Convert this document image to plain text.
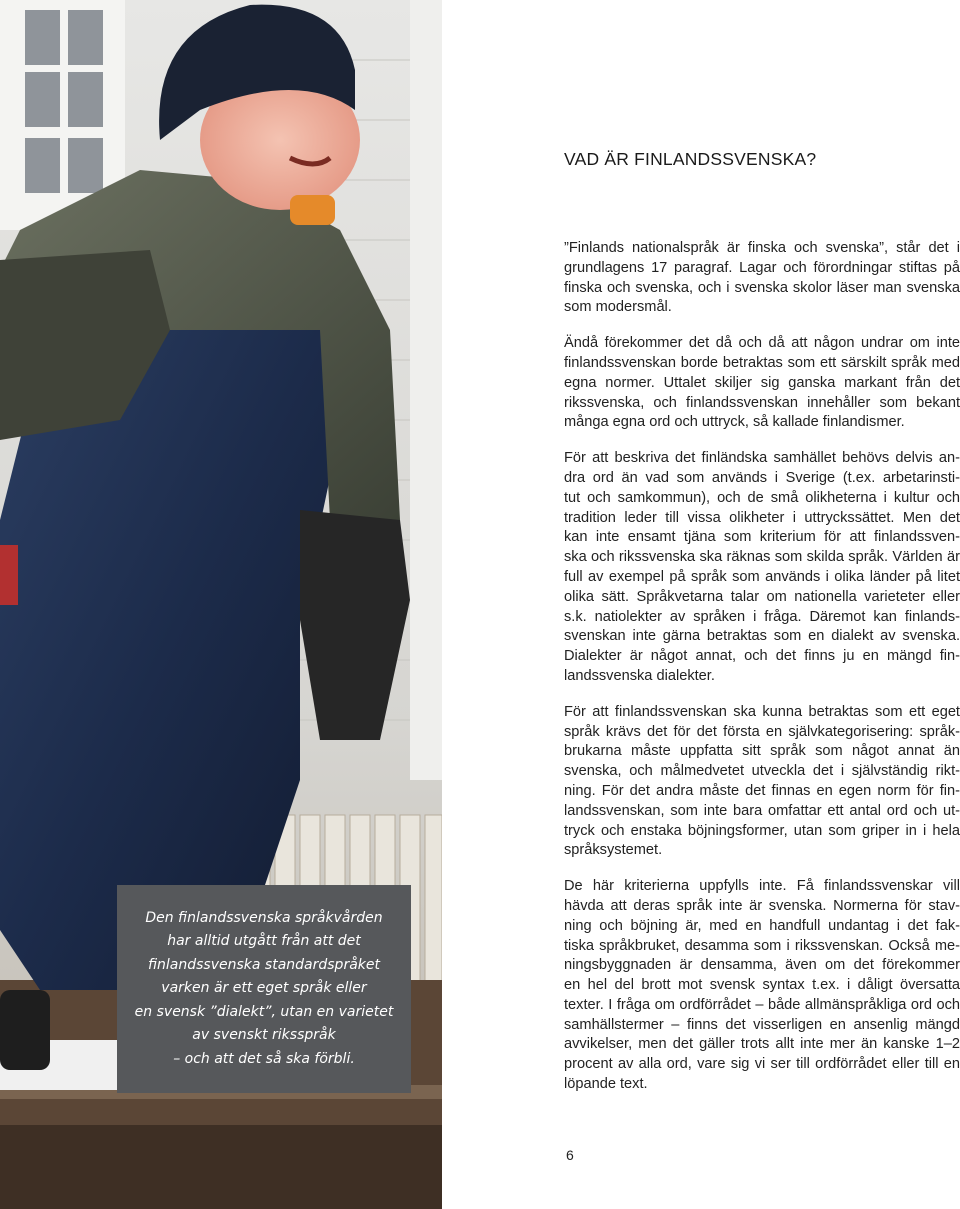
Den finlandssvenska språkvården
har alltid utgått från att det
finlandssvenska standardspråket
varken är ett eget språk eller
en svensk ”dialekt”, utan en varietet
av svenskt riksspråk
– och att det så ska förbli.

VAD ÄR FINLANDSSVENSKA?

”Finlands nationalspråk är finska och svenska”, står det i
grundlagens 17 paragraf. Lagar och förordningar stiftas på
finska och svenska, och i svenska skolor läser man svenska
som modersmål.

Ändå förekommer det då och då att någon undrar om inte
finlandssvenskan borde betraktas som ett särskilt språk med
egna normer. Uttalet skiljer sig ganska markant från det
rikssvenska, och finlandssvenskan innehåller som bekant
många egna ord och uttryck, så kallade finlandismer.

För att beskriva det finländska samhället behövs delvis an-
dra ord än vad som används i Sverige (t.ex. arbetarinsti-
tut och samkommun), och de små olikheterna i kultur och
tradition leder till vissa olikheter i uttryckssättet. Men det
kan inte ensamt tjäna som kriterium för att finlandssven-
ska och rikssvenska ska räknas som skilda språk. Världen är
full av exempel på språk som används i olika länder på litet
olika sätt. Språkvetarna talar om nationella varieteter eller
s.k. natiolekter av språken i fråga. Däremot kan finlands-
svenskan inte gärna betraktas som en dialekt av svenska.
Dialekter är något annat, och det finns ju en mängd fin-
landssvenska dialekter.

För att finlandssvenskan ska kunna betraktas som ett eget
språk krävs det för det första en självkategorisering: språk-
brukarna måste uppfatta sitt språk som något annat än
svenska, och målmedvetet utveckla det i självständig rikt-
ning. För det andra måste det finnas en egen norm för fin-
landssvenskan, som inte bara omfattar ett antal ord och ut-
tryck och enstaka böjningsformer, utan som griper in i hela
språksystemet.

De här kriterierna uppfylls inte. Få finlandssvenskar vill
hävda att deras språk inte är svenska. Normerna för stav-
ning och böjning är, med en handfull undantag i det fak-
tiska språkbruket, desamma som i rikssvenskan. Också me-
ningsbyggnaden är densamma, även om det förekommer
en hel del brott mot svensk syntax t.ex. i dåligt översatta
texter. I fråga om ordförrådet – både allmänspråkliga ord och
samhällstermer – finns det visserligen en ansenlig mängd
avvikelser, men det gäller trots allt inte mer än kanske 1–2
procent av alla ord, vare sig vi ser till ordförrådet eller till en
löpande text.

6
